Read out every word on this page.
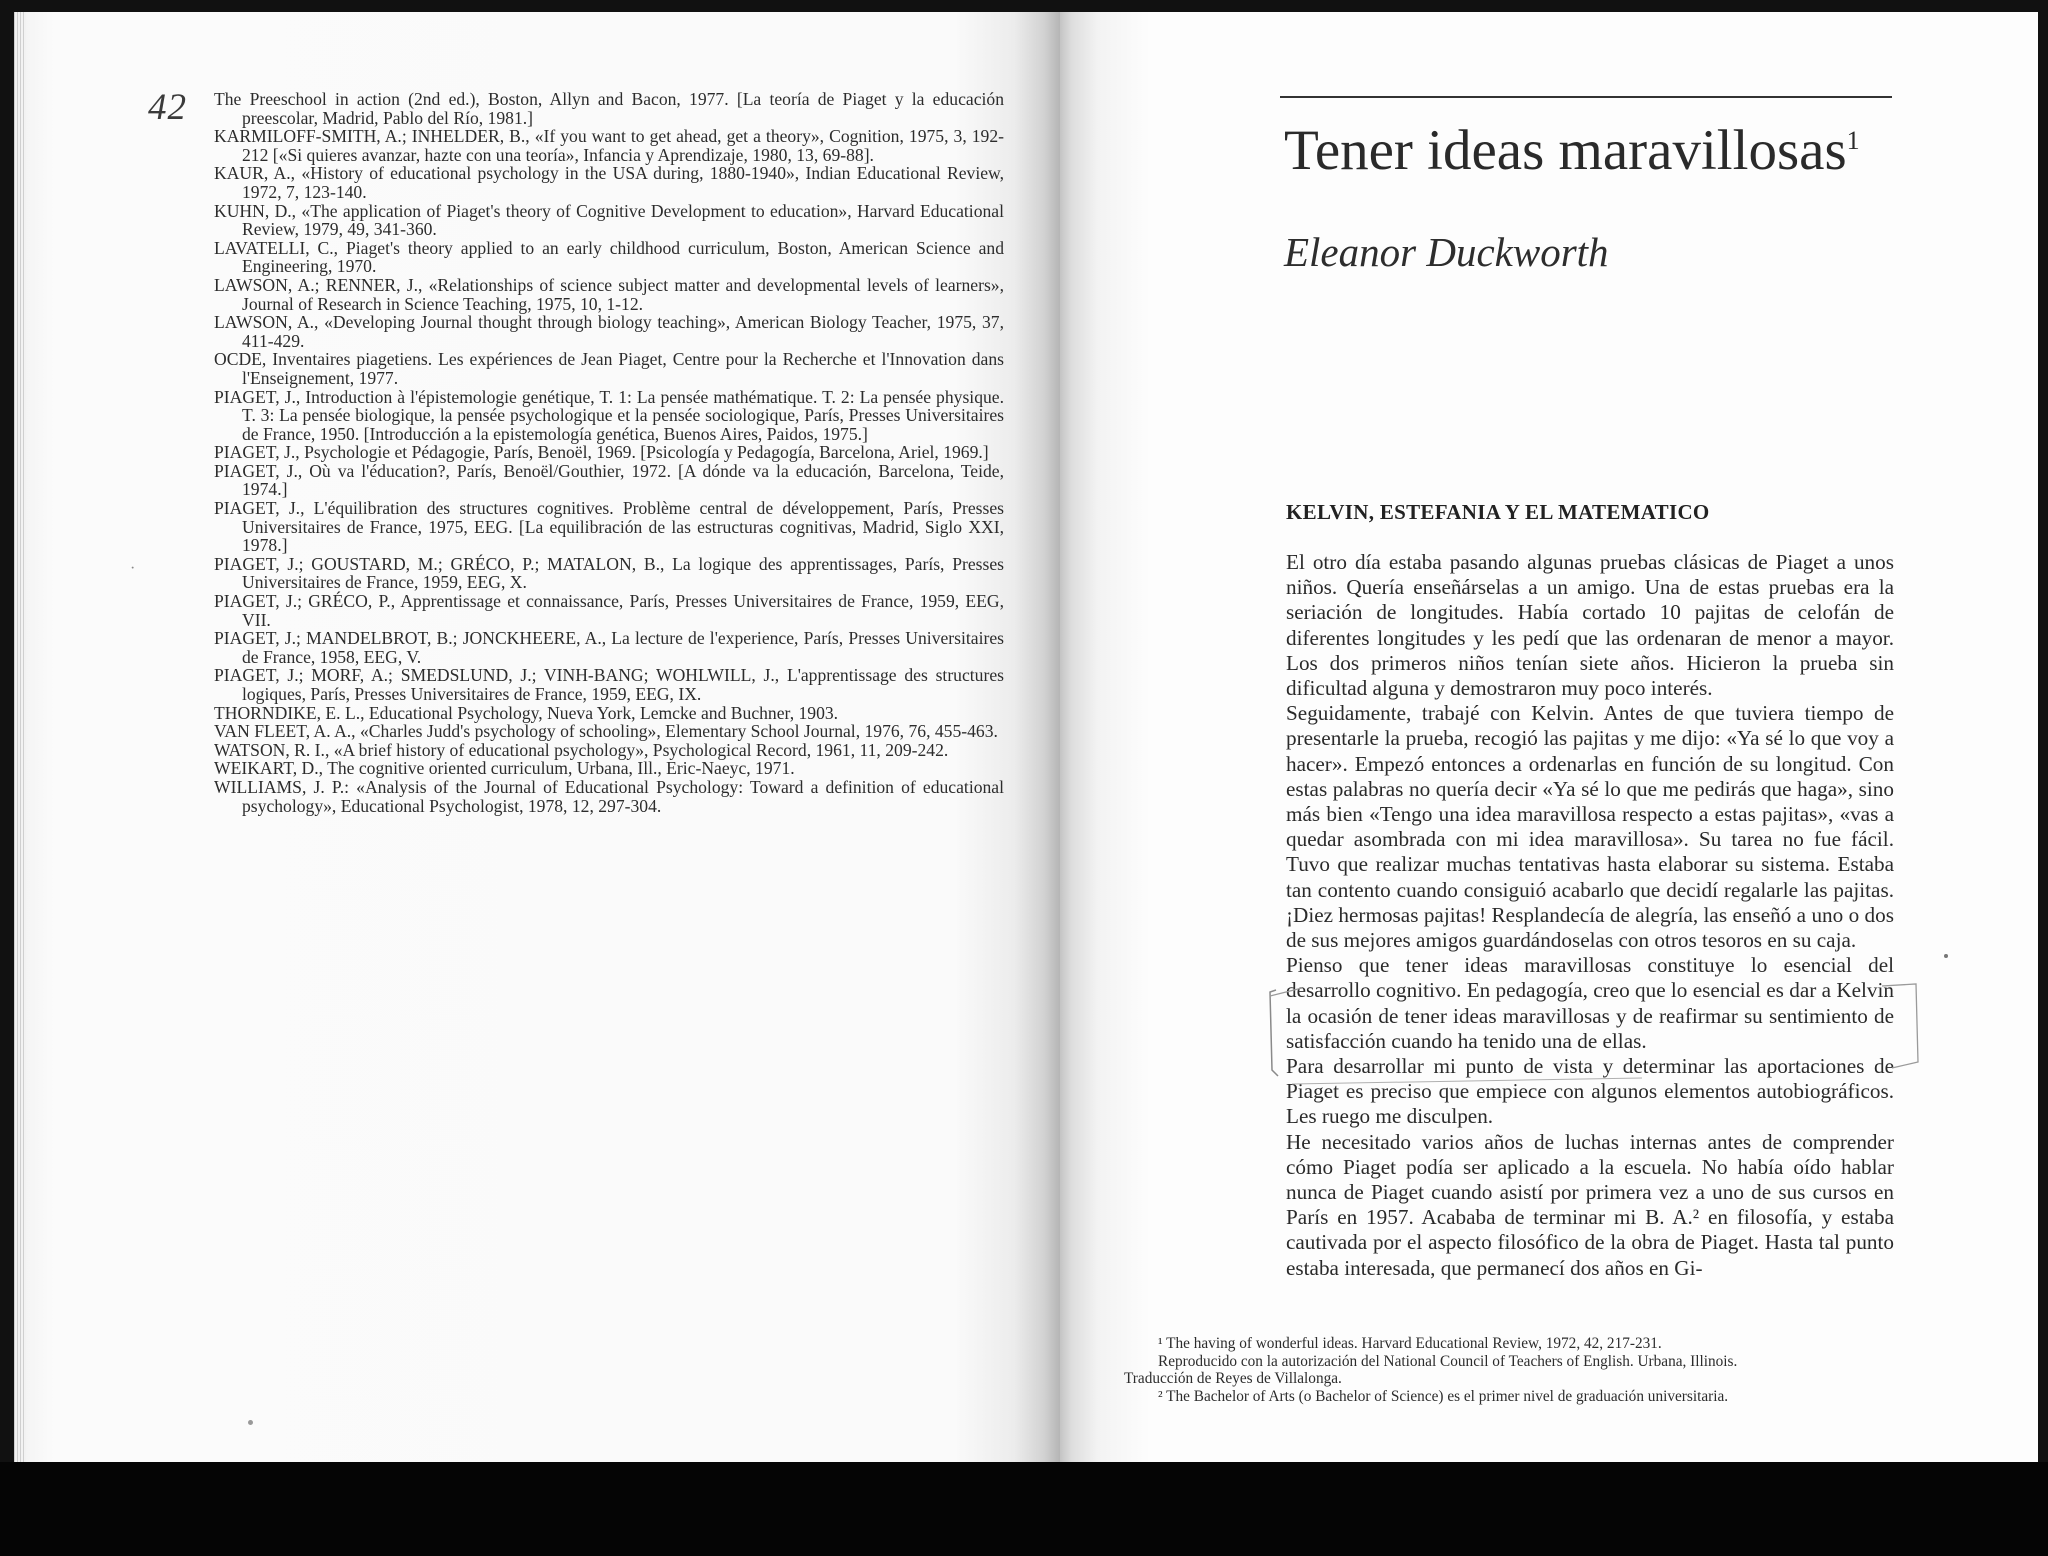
42 The Preeschool in action (2nd ed.), Boston, Allyn and Bacon, 1977. [La teoría de Piaget y la educación preescolar, Madrid, Pablo del Río, 1981.]
KARMILOFF-SMITH, A.; INHELDER, B., «If you want to get ahead, get a theory», Cognition, 1975, 3, 192-212 [«Si quieres avanzar, hazte con una teoría», Infancia y Aprendizaje, 1980, 13, 69-88].
KAUR, A., «History of educational psychology in the USA during, 1880-1940», Indian Educational Review, 1972, 7, 123-140.
KUHN, D., «The application of Piaget's theory of Cognitive Development to education», Harvard Educational Review, 1979, 49, 341-360.
LAVATELLI, C., Piaget's theory applied to an early childhood curriculum, Boston, American Science and Engineering, 1970.
LAWSON, A.; RENNER, J., «Relationships of science subject matter and developmental levels of learners», Journal of Research in Science Teaching, 1975, 10, 1-12.
LAWSON, A., «Developing Journal thought through biology teaching», American Biology Teacher, 1975, 37, 411-429.
OCDE, Inventaires piagetiens. Les expériences de Jean Piaget, Centre pour la Recherche et l'Innovation dans l'Enseignement, 1977.
PIAGET, J., Introduction à l'épistemologie genétique, T. 1: La pensée mathématique. T. 2: La pensée physique. T. 3: La pensée biologique, la pensée psychologique et la pensée sociologique, París, Presses Universitaires de France, 1950. [Introducción a la epistemología genética, Buenos Aires, Paidos, 1975.]
PIAGET, J., Psychologie et Pédagogie, París, Benoël, 1969. [Psicología y Pedagogía, Barcelona, Ariel, 1969.]
PIAGET, J., Où va l'éducation?, París, Benoël/Gouthier, 1972. [A dónde va la educación, Barcelona, Teide, 1974.]
PIAGET, J., L'équilibration des structures cognitives. Problème central de développement, París, Presses Universitaires de France, 1975, EEG. [La equilibración de las estructuras cognitivas, Madrid, Siglo XXI, 1978.]
PIAGET, J.; GOUSTARD, M.; GRÉCO, P.; MATALON, B., La logique des apprentissages, París, Presses Universitaires de France, 1959, EEG, X.
PIAGET, J.; GRÉCO, P., Apprentissage et connaissance, París, Presses Universitaires de France, 1959, EEG, VII.
PIAGET, J.; MANDELBROT, B.; JONCKHEERE, A., La lecture de l'experience, París, Presses Universitaires de France, 1958, EEG, V.
PIAGET, J.; MORF, A.; SMEDSLUND, J.; VINH-BANG; WOHLWILL, J., L'apprentissage des structures logiques, París, Presses Universitaires de France, 1959, EEG, IX.
THORNDIKE, E. L., Educational Psychology, Nueva York, Lemcke and Buchner, 1903.
VAN FLEET, A. A., «Charles Judd's psychology of schooling», Elementary School Journal, 1976, 76, 455-463.
WATSON, R. I., «A brief history of educational psychology», Psychological Record, 1961, 11, 209-242.
WEIKART, D., The cognitive oriented curriculum, Urbana, Ill., Eric-Naeyc, 1971.
WILLIAMS, J. P.: «Analysis of the Journal of Educational Psychology: Toward a definition of educational psychology», Educational Psychologist, 1978, 12, 297-304.
·
Tener ideas maravillosas$^1$
Eleanor Duckworth
KELVIN, ESTEFANIA Y EL MATEMATICO

El otro día estaba pasando algunas pruebas clásicas de Piaget a unos niños. Quería enseñárselas a un amigo. Una de estas pruebas era la seriación de longitudes. Había cortado 10 pajitas de celofán de diferentes longitudes y les pedí que las ordenaran de menor a mayor. Los dos primeros niños tenían siete años. Hicieron la prueba sin dificultad alguna y demostraron muy poco interés.

Seguidamente, trabajé con Kelvin. Antes de que tuviera tiempo de presentarle la prueba, recogió las pajitas y me dijo: «Ya sé lo que voy a hacer». Empezó entonces a ordenarlas en función de su longitud. Con estas palabras no quería decir «Ya sé lo que me pedirás que haga», sino más bien «Tengo una idea maravillosa respecto a estas pajitas», «vas a quedar asombrada con mi idea maravillosa». Su tarea no fue fácil. Tuvo que realizar muchas tentativas hasta elaborar su sistema. Estaba tan contento cuando consiguió acabarlo que decidí regalarle las pajitas. ¡Diez hermosas pajitas! Resplandecía de alegría, las enseñó a uno o dos de sus mejores amigos guardándoselas con otros tesoros en su caja.

Pienso que tener ideas maravillosas constituye lo esencial del desarrollo cognitivo. En pedagogía, creo que lo esencial es dar a Kelvin la ocasión de tener ideas maravillosas y de reafirmar su sentimiento de satisfacción cuando ha tenido una de ellas.

Para desarrollar mi punto de vista y determinar las aportaciones de Piaget es preciso que empiece con algunos elementos autobiográficos. Les ruego me disculpen.

He necesitado varios años de luchas internas antes de comprender cómo Piaget podía ser aplicado a la escuela. No había oído hablar nunca de Piaget cuando asistí por primera vez a uno de sus cursos en París en 1957. Acababa de terminar mi B. A.² en filosofía, y estaba cautivada por el aspecto filosófico de la obra de Piaget. Hasta tal punto estaba interesada, que permanecí dos años en Gi-

¹ The having of wonderful ideas. Harvard Educational Review, 1972, 42, 217-231.
Reproducido con la autorización del National Council of Teachers of English. Urbana, Illinois.
Traducción de Reyes de Villalonga.
² The Bachelor of Arts (o Bachelor of Science) es el primer nivel de graduación universitaria.
